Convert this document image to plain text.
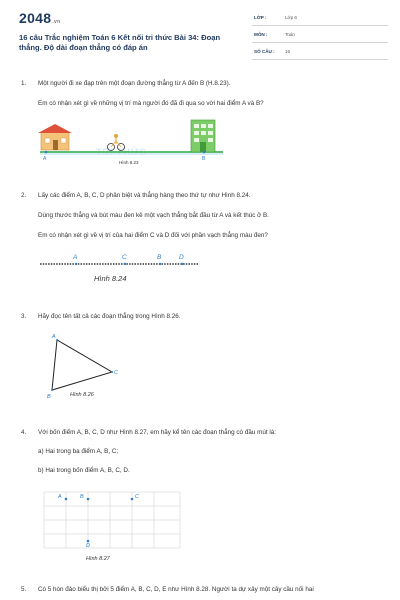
2048.vn
16 câu Trắc nghiệm Toán 6 Kết nối tri thức Bài 34: Đoạn thẳng. Độ dài đoạn thẳng có đáp án
LỚP :	Lớp 6
MÔN :	Toán
SỐ CÂU : 16
1. Một người đi xe đạp trên một đoạn đường thẳng từ A đến B (H.8.23).
Em có nhận xét gì về những vị trí mà người đó đã đi qua so với hai điểm A và B?
TRI THỨC
A	B
Hình 8.23
2. Lấy các điểm A, B, C, D phân biệt và thẳng hàng theo thứ tự như Hình 8.24.
Dùng thước thẳng và bút màu đen kẻ một vạch thẳng bắt đầu từ A và kết thúc ở B.
Em có nhận xét gì về vị trí của hai điểm C và D đối với phần vạch thẳng màu đen?
A	C	B	D
Hình 8.24
3. Hãy đọc tên tất cả các đoạn thẳng trong Hình 8.26.
A
B
C
Hình 8.26
4. Với bốn điểm A, B, C, D như Hình 8.27, em hãy kể tên các đoạn thẳng có đầu mút là:
a) Hai trong ba điểm A, B, C;
b) Hai trong bốn điểm A, B, C, D.
A	B	C
D
Hình 8.27
5. Có 5 hòn đảo biểu thị bởi 5 điểm A, B, C, D, E như Hình 8.28. Người ta dự xây một cây cầu nối hai
